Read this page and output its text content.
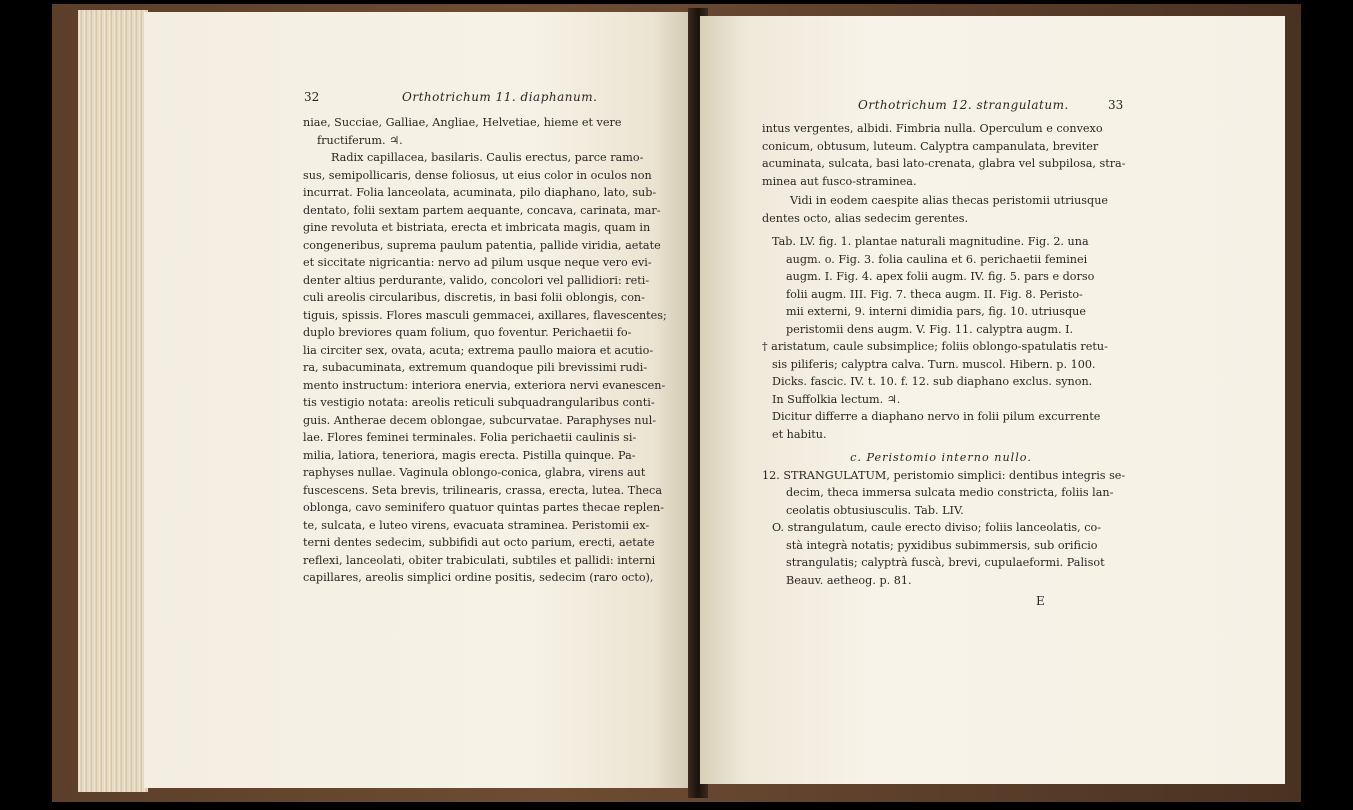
32	Orthotrichum 11. diaphanum.
niae, Succiae, Galliae, Angliae, Helvetiae, hieme et vere
fructiferum. ♃.
Radix capillacea, basilaris. Caulis erectus, parce ramo-
sus, semipollicaris, dense foliosus, ut eius color in oculos non
incurrat. Folia lanceolata, acuminata, pilo diaphano, lato, sub-
dentato, folii sextam partem aequante, concava, carinata, mar-
gine revoluta et bistriata, erecta et imbricata magis, quam in
congeneribus, suprema paulum patentia, pallide viridia, aetate
et siccitate nigricantia: nervo ad pilum usque neque vero evi-
denter altius perdurante, valido, concolori vel pallidiori: reti-
culi areolis circularibus, discretis, in basi folii oblongis, con-
tiguis, spissis. Flores masculi gemmacei, axillares, flavescentes;
duplo breviores quam folium, quo foventur. Perichaetii fo-
lia circiter sex, ovata, acuta; extrema paullo maiora et acutio-
ra, subacuminata, extremum quandoque pili brevissimi rudi-
mento instructum: interiora enervia, exteriora nervi evanescen-
tis vestigio notata: areolis reticuli subquadrangularibus conti-
guis. Antherae decem oblongae, subcurvatae. Paraphyses nul-
lae. Flores feminei terminales. Folia perichaetii caulinis si-
milia, latiora, teneriora, magis erecta. Pistilla quinque. Pa-
raphyses nullae. Vaginula oblongo-conica, glabra, virens aut
fuscescens. Seta brevis, trilinearis, crassa, erecta, lutea. Theca
oblonga, cavo seminifero quatuor quintas partes thecae replen-
te, sulcata, e luteo virens, evacuata straminea. Peristomii ex-
terni dentes sedecim, subbifidi aut octo parium, erecti, aetate
reflexi, lanceolati, obiter trabiculati, subtiles et pallidi: interni
capillares, areolis simplici ordine positis, sedecim (raro octo),
Orthotrichum 12. strangulatum.	33
intus vergentes, albidi. Fimbria nulla. Operculum e convexo
conicum, obtusum, luteum. Calyptra campanulata, breviter
acuminata, sulcata, basi lato-crenata, glabra vel subpilosa, stra-
minea aut fusco-straminea.
Vidi in eodem caespite alias thecas peristomii utriusque
dentes octo, alias sedecim gerentes.
Tab. LV. fig. 1. plantae naturali magnitudine. Fig. 2. una
augm. o. Fig. 3. folia caulina et 6. perichaetii feminei
augm. I. Fig. 4. apex folii augm. IV. fig. 5. pars e dorso
folii augm. III. Fig. 7. theca augm. II. Fig. 8. Peristo-
mii externi, 9. interni dimidia pars, fig. 10. utriusque
peristomii dens augm. V. Fig. 11. calyptra augm. I.
† aristatum, caule subsimplice; foliis oblongo-spatulatis retu-
sis piliferis; calyptra calva. Turn. muscol. Hibern. p. 100.
Dicks. fascic. IV. t. 10. f. 12. sub diaphano exclus. synon.
In Suffolkia lectum. ♃.
Dicitur differre a diaphano nervo in folii pilum excurrente
et habitu.
c. Peristomio interno nullo.
12. STRANGULATUM, peristomio simplici: dentibus integris se-
decim, theca immersa sulcata medio constricta, foliis lan-
ceolatis obtusiusculis. Tab. LIV.
O. strangulatum, caule erecto diviso; foliis lanceolatis, co-
stà integrà notatis; pyxidibus subimmersis, sub orificio
strangulatis; calyptrà fuscà, brevi, cupulaeformi. Palisot
Beauv. aetheog. p. 81.
E
